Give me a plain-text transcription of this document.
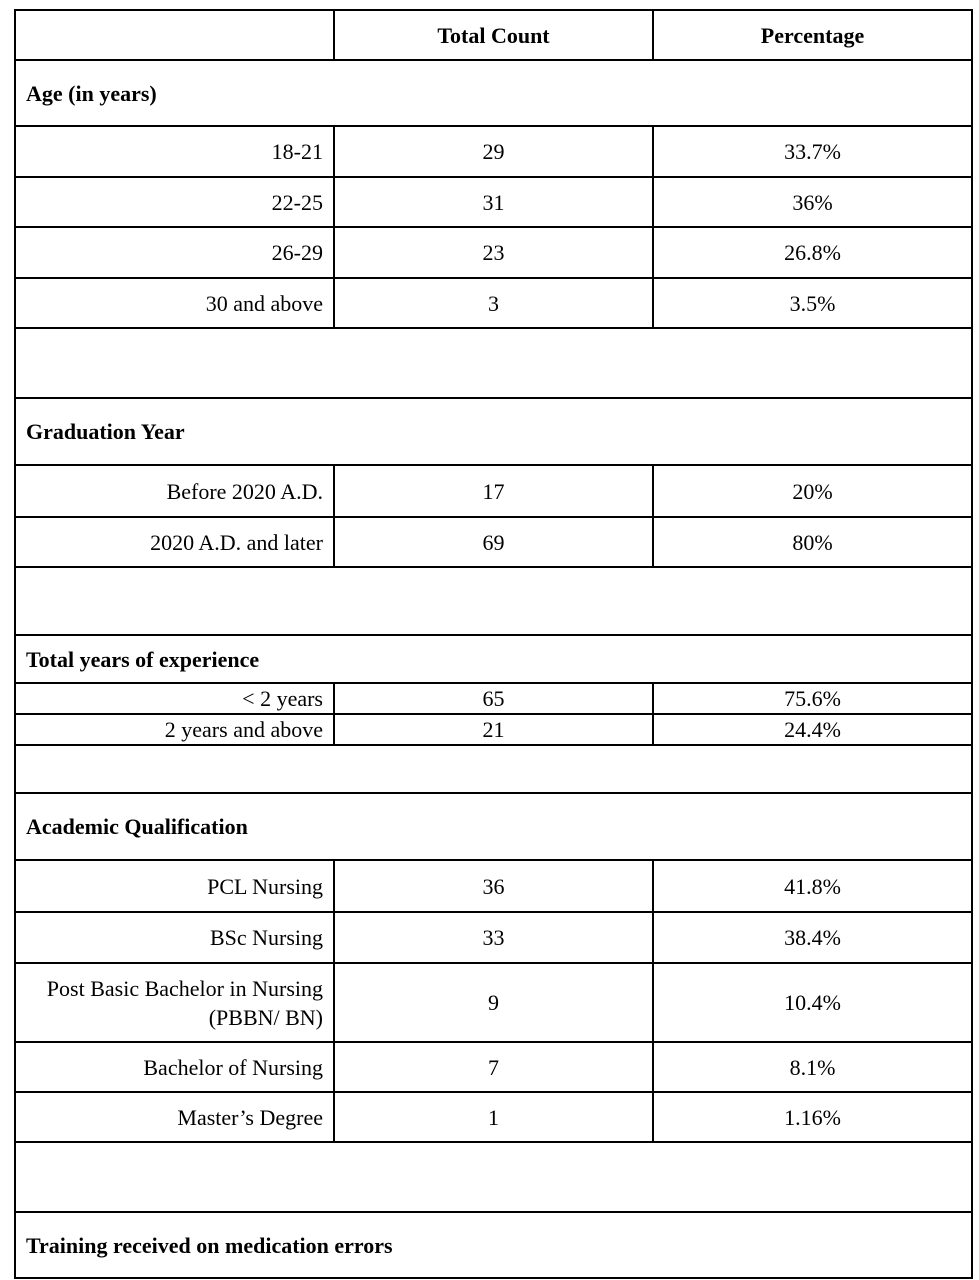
	Total Count	Percentage
Age (in years)		
18-21	29	33.7%
22-25	31	36%
26-29	23	26.8%
30 and above	3	3.5%

Graduation Year		
Before 2020 A.D.	17	20%
2020 A.D. and later	69	80%

Total years of experience		
< 2 years	65	75.6%
2 years and above	21	24.4%

Academic Qualification		
PCL Nursing	36	41.8%
BSc Nursing	33	38.4%
Post Basic Bachelor in Nursing (PBBN/ BN)	9	10.4%
Bachelor of Nursing	7	8.1%
Master’s Degree	1	1.16%

Training received on medication errors		
